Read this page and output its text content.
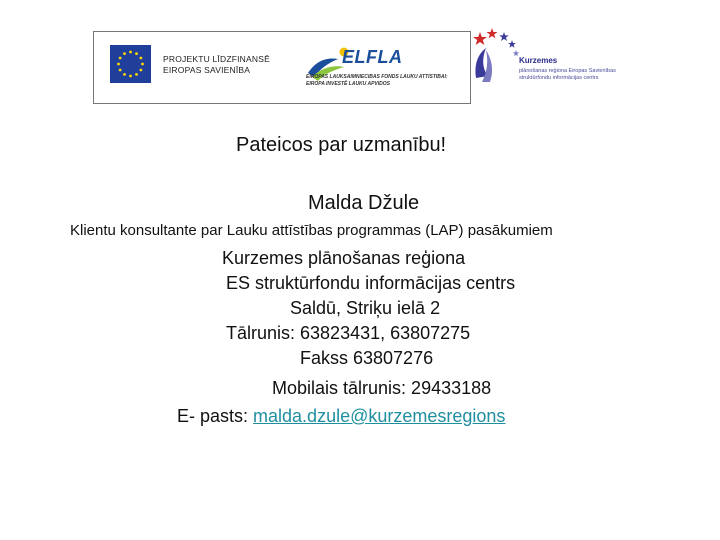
PROJEKTU LĪDZFINANSĒ
EIROPAS SAVIENĪBA
ELFLA
EIROPAS LAUKSAIMNIECĪBAS FONDS LAUKU ATTĪSTĪBAI:
EIROPA INVESTĒ LAUKU APVIDOS
Kurzemes
plānošanas reģiona Eiropas Savienības
struktūrfondu informācijas centrs
Pateicos par uzmanību!
Malda Džule
Klientu konsultante par Lauku attīstības programmas (LAP) pasākumiem
Kurzemes plānošanas reģiona
ES struktūrfondu informācijas centrs
Saldū, Striķu ielā 2
Tālrunis: 63823431, 63807275
Fakss 63807276
Mobilais tālrunis: 29433188
E- pasts: malda.dzule@kurzemesregions
